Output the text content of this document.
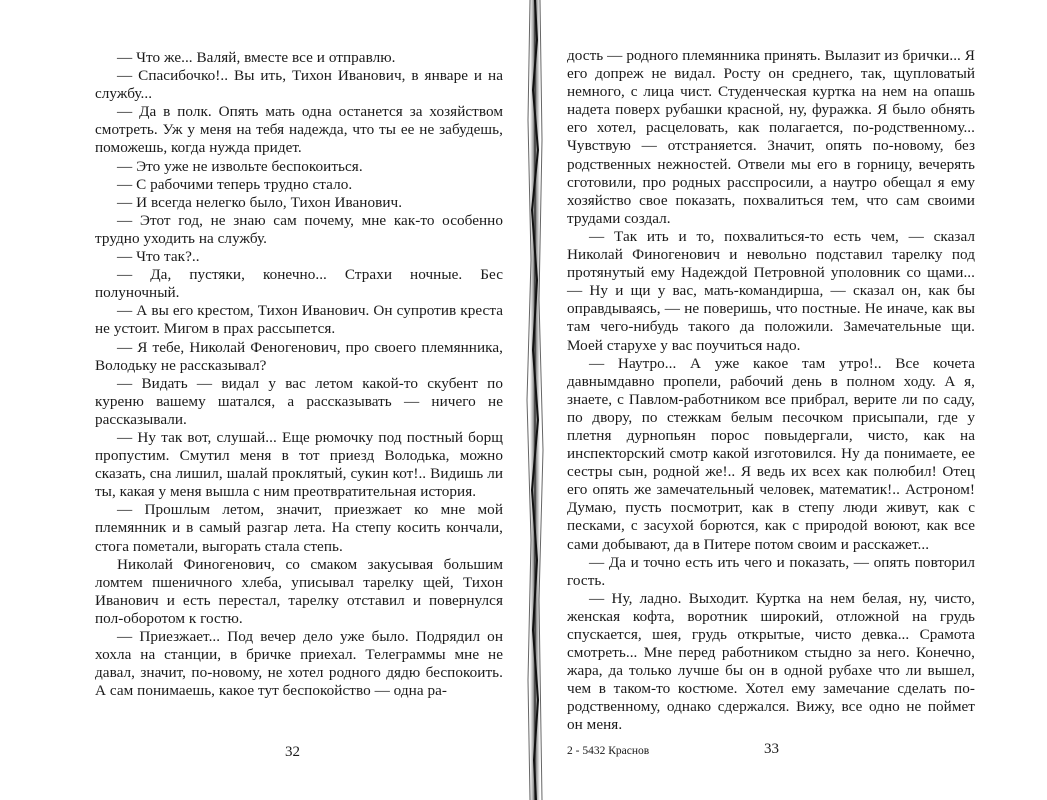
— Что же... Валяй, вместе все и отправлю.

— Спасибочко!.. Вы ить, Тихон Иванович, в январе и на службу...

— Да в полк. Опять мать одна останется за хозяйством смотреть. Уж у меня на тебя надежда, что ты ее не забудешь, поможешь, когда нужда придет.

— Это уже не извольте беспокоиться.

— С рабочими теперь трудно стало.

— И всегда нелегко было, Тихон Иванович.

— Этот год, не знаю сам почему, мне как-то особенно трудно уходить на службу.

— Что так?..

— Да, пустяки, конечно... Страхи ночные. Бес полуночный.

— А вы его крестом, Тихон Иванович. Он супротив креста не устоит. Мигом в прах рассыпется.

— Я тебе, Николай Феногенович, про своего племянника, Володьку не рассказывал?

— Видать — видал у вас летом какой-то скубент по куреню вашему шатался, а рассказывать — ничего не рассказывали.

— Ну так вот, слушай... Еще рюмочку под постный борщ пропустим. Смутил меня в тот приезд Володька, можно сказать, сна лишил, шалай проклятый, сукин кот!.. Видишь ли ты, какая у меня вышла с ним преотвратительная история.

— Прошлым летом, значит, приезжает ко мне мой племянник и в самый разгар лета. На степу косить кончали, стога пометали, выгорать стала степь.

Николай Финогенович, со смаком закусывая большим ломтем пшеничного хлеба, уписывал тарелку щей, Тихон Иванович и есть перестал, тарелку отставил и повернулся пол-оборотом к гостю.

— Приезжает... Под вечер дело уже было. Подрядил он хохла на станции, в бричке приехал. Телеграммы мне не давал, значит, по-новому, не хотел родного дядю беспокоить. А сам понимаешь, какое тут беспокойство — одна ра-

32

дость — родного племянника принять. Вылазит из брички... Я его допреж не видал. Росту он среднего, так, щупловатый немного, с лица чист. Студенческая куртка на нем на опашь надета поверх рубашки красной, ну, фуражка. Я было обнять его хотел, расцеловать, как полагается, по-родственному... Чувствую — отстраняется. Значит, опять по-новому, без родственных нежностей. Отвели мы его в горницу, вечерять сготовили, про родных расспросили, а наутро обещал я ему хозяйство свое показать, похвалиться тем, что сам своими трудами создал.

— Так ить и то, похвалиться-то есть чем, — сказал Николай Финогенович и невольно подставил тарелку под протянутый ему Надеждой Петровной уполовник со щами... — Ну и щи у вас, мать-командирша, — сказал он, как бы оправдываясь, — не поверишь, что постные. Не иначе, как вы там чего-нибудь такого да положили. Замечательные щи. Моей старухе у вас поучиться надо.

— Наутро... А уже какое там утро!.. Все кочета давнымдавно пропели, рабочий день в полном ходу. А я, знаете, с Павлом-работником все прибрал, верите ли по саду, по двору, по стежкам белым песочком присыпали, где у плетня дурнопьян порос повыдергали, чисто, как на инспекторский смотр какой изготовился. Ну да понимаете, ее сестры сын, родной же!.. Я ведь их всех как полюбил! Отец его опять же замечательный человек, математик!.. Астроном! Думаю, пусть посмотрит, как в степу люди живут, как с песками, с засухой борются, как с природой воюют, как все сами добывают, да в Питере потом своим и расскажет...

— Да и точно есть ить чего и показать, — опять повторил гость.

— Ну, ладно. Выходит. Куртка на нем белая, ну, чисто, женская кофта, воротник широкий, отложной на грудь спускается, шея, грудь открытые, чисто девка... Срамота смотреть... Мне перед работником стыдно за него. Конечно, жара, да только лучше бы он в одной рубахе что ли вышел, чем в таком-то костюме. Хотел ему замечание сделать по-родственному, однако сдержался. Вижу, все одно не поймет он меня.

2 - 5432 Краснов	33
